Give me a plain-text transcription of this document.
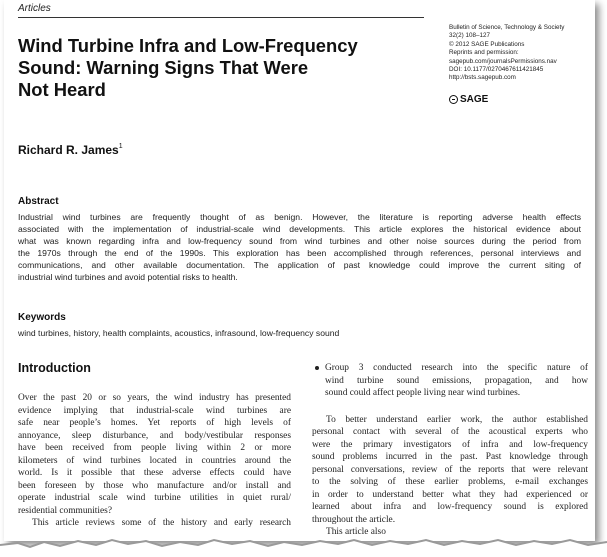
Articles
Wind Turbine Infra and Low-Frequency
Sound: Warning Signs That Were
Not Heard
Bulletin of Science, Technology & Society
32(2) 108–127
© 2012 SAGE Publications
Reprints and permission:
sagepub.com/journalsPermissions.nav
DOI: 10.1177/0270467611421845
http://bsts.sagepub.com
SAGE
Richard R. James$^1$
Abstract
Industrial wind turbines are frequently thought of as benign. However, the literature is reporting adverse health effects
associated with the implementation of industrial-scale wind developments. This article explores the historical evidence about
what was known regarding infra and low-frequency sound from wind turbines and other noise sources during the period from
the 1970s through the end of the 1990s. This exploration has been accomplished through references, personal interviews and
communications, and other available documentation. The application of past knowledge could improve the current siting of
industrial wind turbines and avoid potential risks to health.
Keywords
wind turbines, history, health complaints, acoustics, infrasound, low-frequency sound
Introduction
Over the past 20 or so years, the wind industry has presented
evidence implying that industrial-scale wind turbines are
safe near people’s homes. Yet reports of high levels of
annoyance, sleep disturbance, and body/vestibular responses
have been received from people living within 2 or more
kilometers of wind turbines located in countries around the
world. Is it possible that these adverse effects could have
been foreseen by those who manufacture and/or install and
operate industrial scale wind turbine utilities in quiet rural/
residential communities?
This article reviews some of the history and early research
Group 3 conducted research into the specific nature of
wind turbine sound emissions, propagation, and how
sound could affect people living near wind turbines.
To better understand earlier work, the author established
personal contact with several of the acoustical experts who
were the primary investigators of infra and low-frequency
sound problems incurred in the past. Past knowledge through
personal conversations, review of the reports that were relevant
to the solving of these earlier problems, e-mail exchanges
in order to understand better what they had experienced or
learned about infra and low-frequency sound is explored
throughout the article.
This article also
